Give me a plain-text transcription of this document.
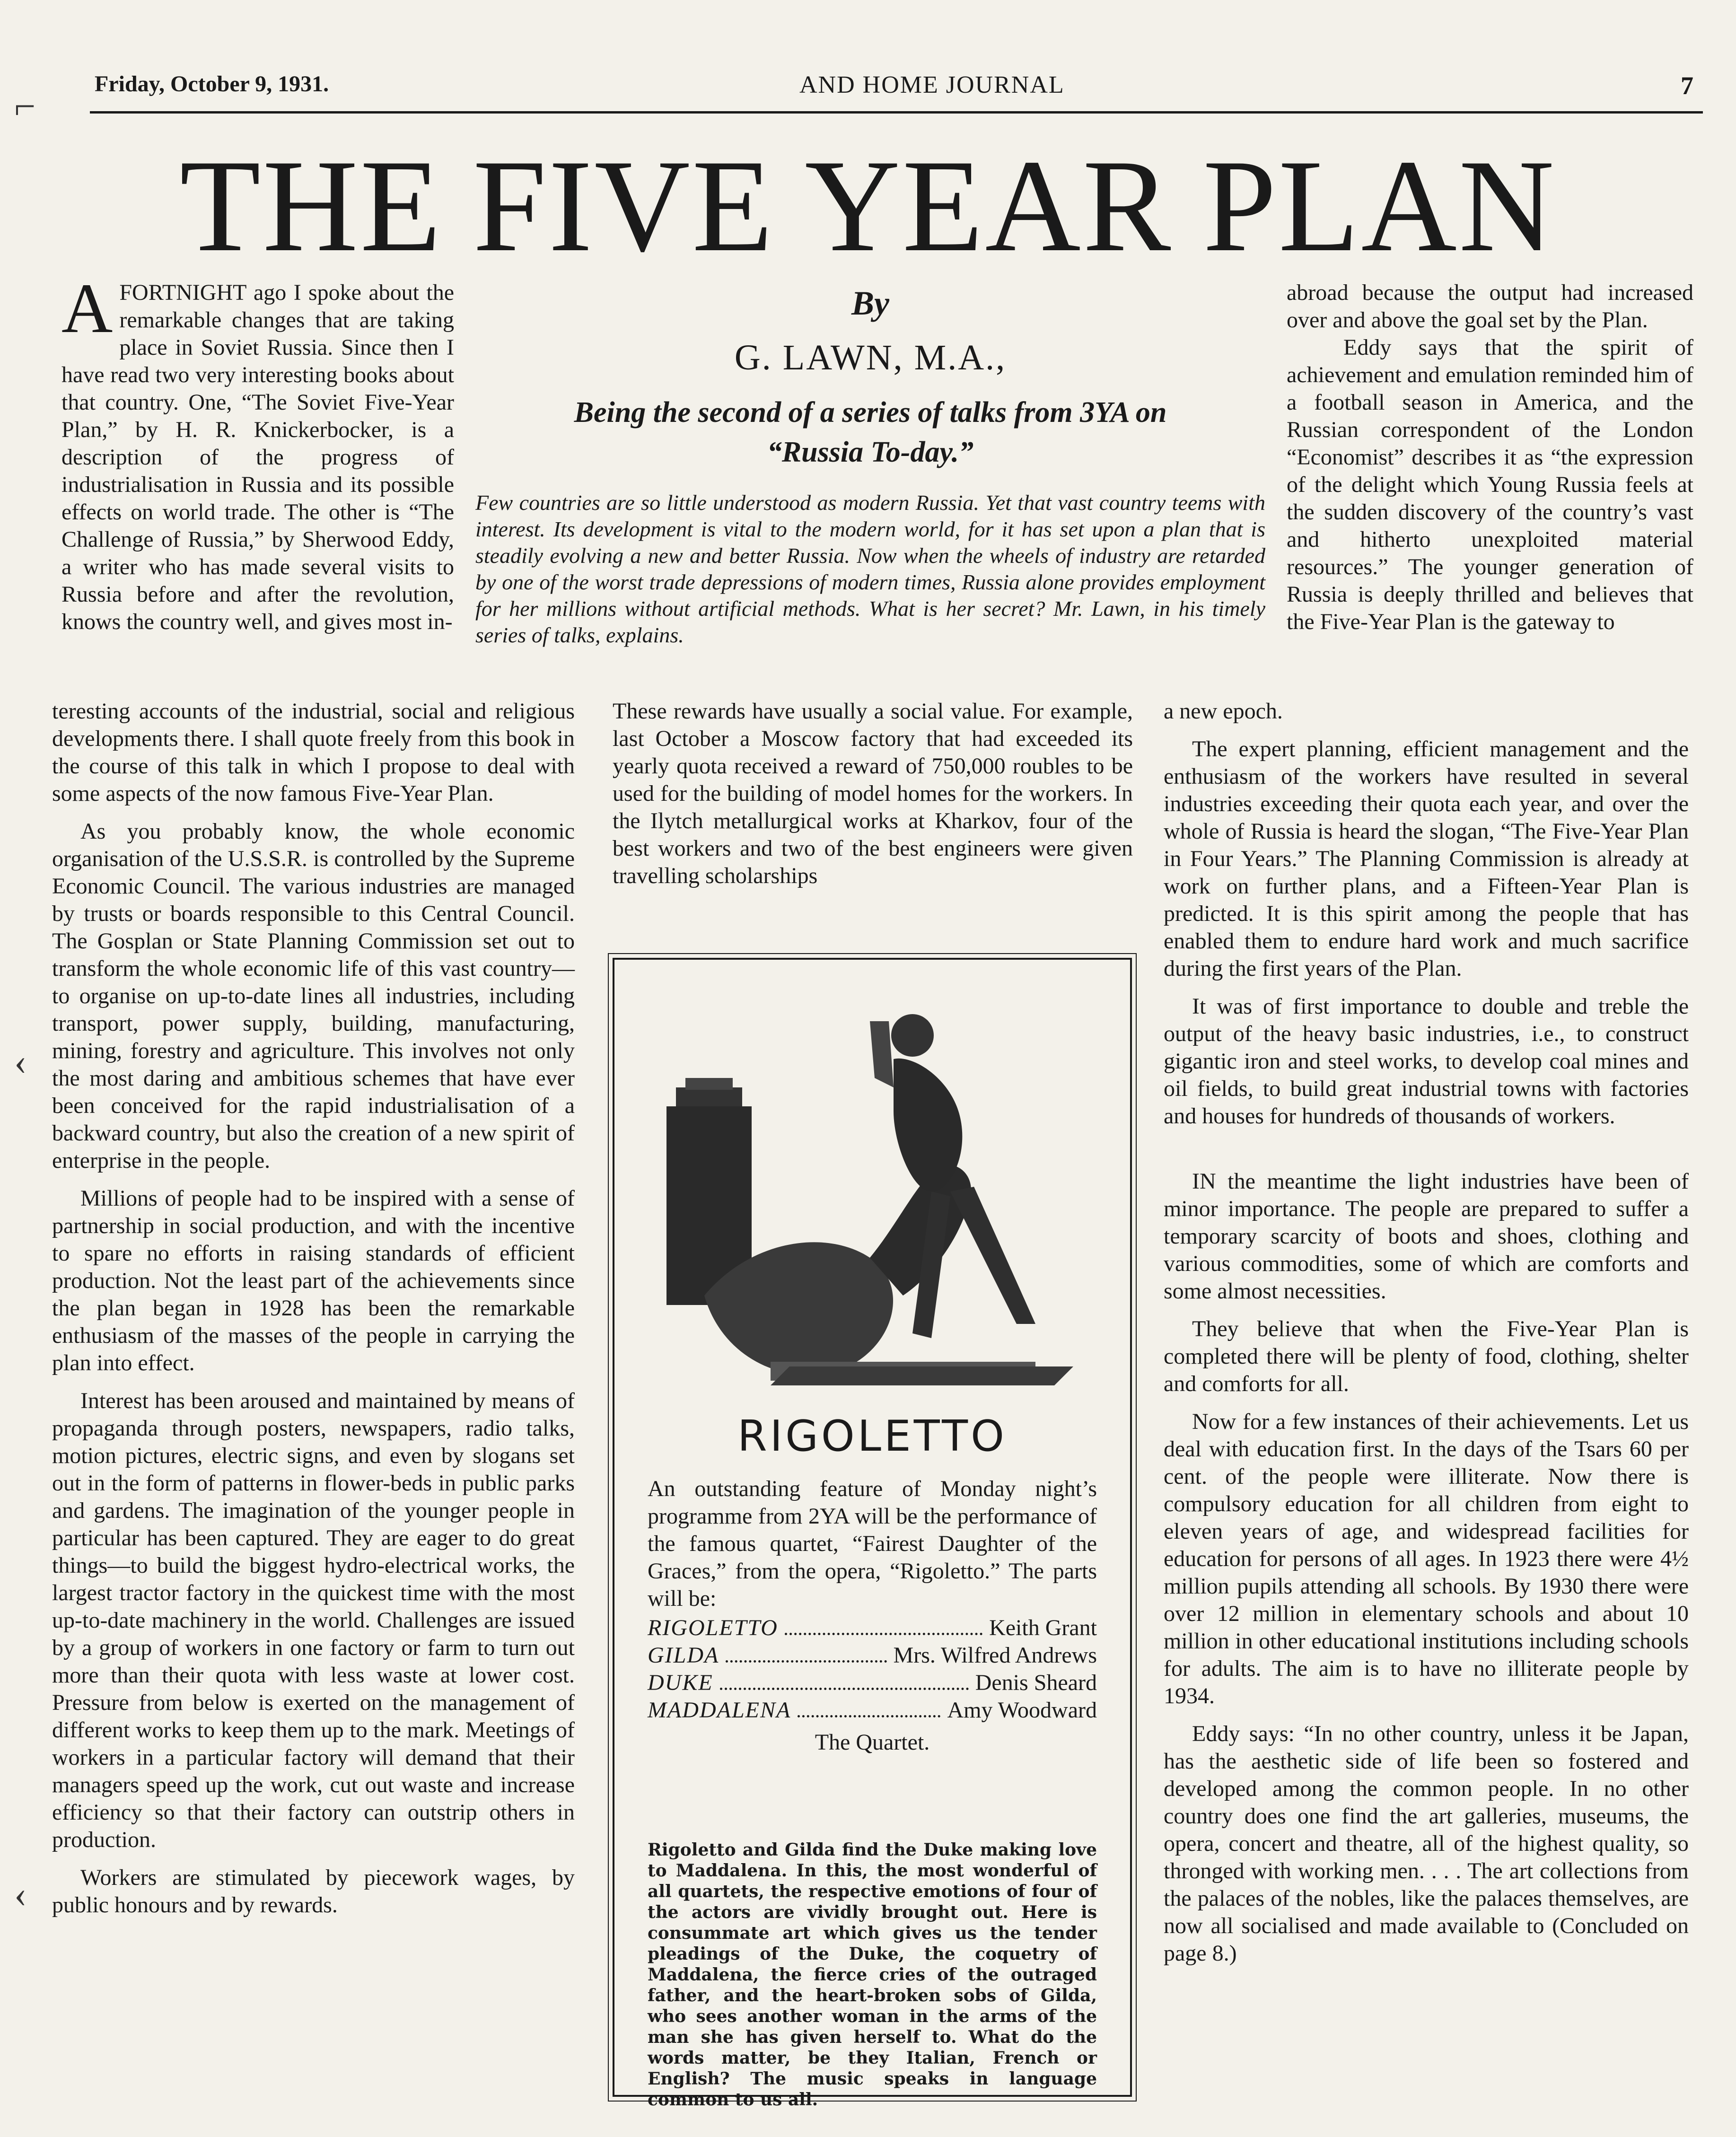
Friday, October 9, 1931.	AND HOME JOURNAL	7
THE FIVE YEAR PLAN
A FORTNIGHT ago I spoke about the remarkable changes that are taking place in Soviet Russia. Since then I have read two very interesting books about that country. One, “The Soviet Five-Year Plan,” by H. R. Knickerbocker, is a description of the progress of industrialisation in Russia and its possible effects on world trade. The other is “The Challenge of Russia,” by Sherwood Eddy, a writer who has made several visits to Russia before and after the revolution, knows the country well, and gives most in-
By
G. LAWN, M.A.,
Being the second of a series of talks from 3YA on
“Russia To-day.”
Few countries are so little understood as modern Russia. Yet that vast country teems with interest. Its development is vital to the modern world, for it has set upon a plan that is steadily evolving a new and better Russia. Now when the wheels of industry are retarded by one of the worst trade depressions of modern times, Russia alone provides employment for her millions without artificial methods. What is her secret? Mr. Lawn, in his timely series of talks, explains.

abroad because the output had increased over and above the goal set by the Plan.

Eddy says that the spirit of achievement and emulation reminded him of a football season in America, and the Russian correspondent of the London “Economist” describes it as “the expression of the delight which Young Russia feels at the sudden discovery of the country’s vast and hitherto unexploited material resources.” The younger generation of Russia is deeply thrilled and believes that the Five-Year Plan is the gateway to

teresting accounts of the industrial, social and religious developments there. I shall quote freely from this book in the course of this talk in which I propose to deal with some aspects of the now famous Five-Year Plan.

As you probably know, the whole economic organisation of the U.S.S.R. is controlled by the Supreme Economic Council. The various industries are managed by trusts or boards responsible to this Central Council. The Gosplan or State Planning Commission set out to transform the whole economic life of this vast country—to organise on up-to-date lines all industries, including transport, power supply, building, manufacturing, mining, forestry and agriculture. This involves not only the most daring and ambitious schemes that have ever been conceived for the rapid industrialisation of a backward country, but also the creation of a new spirit of enterprise in the people.

Millions of people had to be inspired with a sense of partnership in social production, and with the incentive to spare no efforts in raising standards of efficient production. Not the least part of the achievements since the plan began in 1928 has been the remarkable enthusiasm of the masses of the people in carrying the plan into effect.

Interest has been aroused and maintained by means of propaganda through posters, newspapers, radio talks, motion pictures, electric signs, and even by slogans set out in the form of patterns in flower-beds in public parks and gardens. The imagination of the younger people in particular has been captured. They are eager to do great things—to build the biggest hydro-electrical works, the largest tractor factory in the quickest time with the most up-to-date machinery in the world. Challenges are issued by a group of workers in one factory or farm to turn out more than their quota with less waste at lower cost. Pressure from below is exerted on the management of different works to keep them up to the mark. Meetings of workers in a particular factory will demand that their managers speed up the work, cut out waste and increase efficiency so that their factory can outstrip others in production.

Workers are stimulated by piecework wages, by public honours and by rewards.

These rewards have usually a social value. For example, last October a Moscow factory that had exceeded its yearly quota received a reward of 750,000 roubles to be used for the building of model homes for the workers. In the Ilytch metallurgical works at Kharkov, four of the best workers and two of the best engineers were given travelling scholarships

RIGOLETTO
An outstanding feature of Monday night’s programme from 2YA will be the performance of the famous quartet, “Fairest Daughter of the Graces,” from the opera, “Rigoletto.” The parts will be:
RIGOLETTO	Keith Grant
GILDA	Mrs. Wilfred Andrews
DUKE	Denis Sheard
MADDALENA	Amy Woodward
The Quartet.
Rigoletto and Gilda find the Duke making love to Maddalena. In this, the most wonderful of all quartets, the respective emotions of four of the actors are vividly brought out. Here is consummate art which gives us the tender pleadings of the Duke, the coquetry of Maddalena, the fierce cries of the outraged father, and the heart-broken sobs of Gilda, who sees another woman in the arms of the man she has given herself to. What do the words matter, be they Italian, French or English? The music speaks in language common to us all.

a new epoch.

The expert planning, efficient management and the enthusiasm of the workers have resulted in several industries exceeding their quota each year, and over the whole of Russia is heard the slogan, “The Five-Year Plan in Four Years.” The Planning Commission is already at work on further plans, and a Fifteen-Year Plan is predicted. It is this spirit among the people that has enabled them to endure hard work and much sacrifice during the first years of the Plan.

It was of first importance to double and treble the output of the heavy basic industries, i.e., to construct gigantic iron and steel works, to develop coal mines and oil fields, to build great industrial towns with factories and houses for hundreds of thousands of workers.

IN the meantime the light industries have been of minor importance. The people are prepared to suffer a temporary scarcity of boots and shoes, clothing and various commodities, some of which are comforts and some almost necessities.

They believe that when the Five-Year Plan is completed there will be plenty of food, clothing, shelter and comforts for all.

Now for a few instances of their achievements. Let us deal with education first. In the days of the Tsars 60 per cent. of the people were illiterate. Now there is compulsory education for all children from eight to eleven years of age, and widespread facilities for education for persons of all ages. In 1923 there were 4½ million pupils attending all schools. By 1930 there were over 12 million in elementary schools and about 10 million in other educational institutions including schools for adults. The aim is to have no illiterate people by 1934.

Eddy says: “In no other country, unless it be Japan, has the aesthetic side of life been so fostered and developed among the common people. In no other country does one find the art galleries, museums, the opera, concert and theatre, all of the highest quality, so thronged with working men. . . . The art collections from the palaces of the nobles, like the palaces themselves, are now all socialised and made available to (Concluded on page 8.)

⌐
‹
‹
